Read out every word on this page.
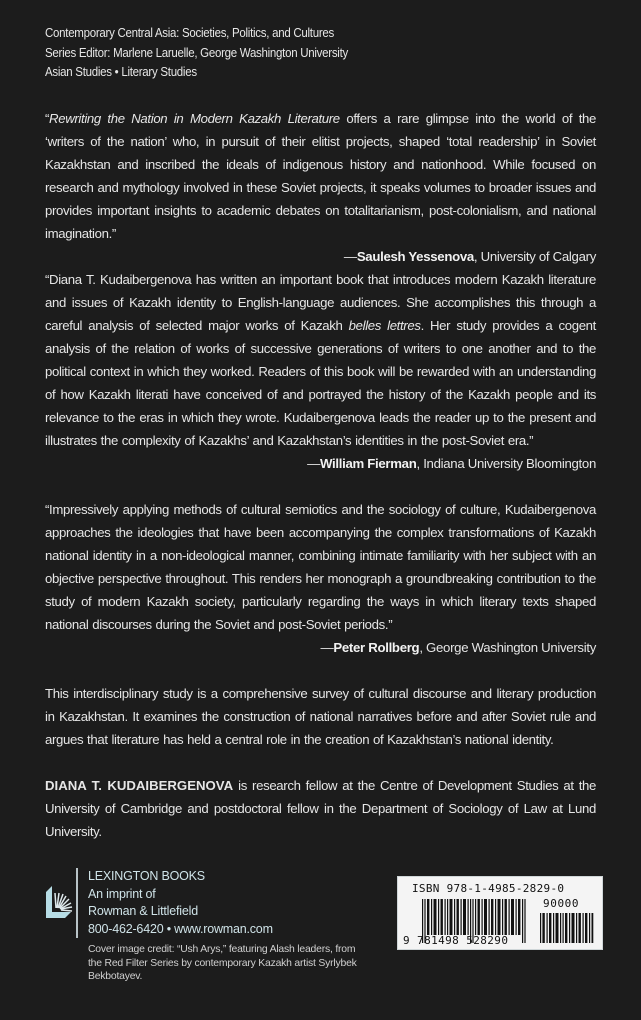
Contemporary Central Asia: Societies, Politics, and Cultures
Series Editor: Marlene Laruelle, George Washington University
Asian Studies • Literary Studies

“Rewriting the Nation in Modern Kazakh Literature offers a rare glimpse into the world of the ‘writers of the nation’ who, in pursuit of their elitist projects, shaped ‘total readership’ in Soviet Kazakhstan and inscribed the ideals of indigenous history and nationhood. While focused on research and mythology involved in these Soviet projects, it speaks volumes to broader issues and provides important insights to academic debates on totalitarianism, post-colonialism, and national imagination.”

—Saulesh Yessenova, University of Calgary

“Diana T. Kudaibergenova has written an important book that introduces modern Kazakh literature and issues of Kazakh identity to English-language audiences. She accomplishes this through a careful analysis of selected major works of Kazakh belles lettres. Her study provides a cogent analysis of the relation of works of successive generations of writers to one another and to the political context in which they worked. Readers of this book will be rewarded with an understanding of how Kazakh literati have conceived of and portrayed the history of the Kazakh people and its relevance to the eras in which they wrote. Kudaibergenova leads the reader up to the present and illustrates the complexity of Kazakhs’ and Kazakhstan’s identities in the post-Soviet era.”

—William Fierman, Indiana University Bloomington

“Impressively applying methods of cultural semiotics and the sociology of culture, Kudaibergenova approaches the ideologies that have been accompanying the complex transformations of Kazakh national identity in a non-ideological manner, combining intimate familiarity with her subject with an objective perspective throughout. This renders her monograph a groundbreaking contribution to the study of modern Kazakh society, particularly regarding the ways in which literary texts shaped national discourses during the Soviet and post-Soviet periods.”

—Peter Rollberg, George Washington University

This interdisciplinary study is a comprehensive survey of cultural discourse and literary production in Kazakhstan. It examines the construction of national narratives before and after Soviet rule and argues that literature has held a central role in the creation of Kazakhstan’s national identity.

DIANA T. KUDAIBERGENOVA is research fellow at the Centre of Development Studies at the University of Cambridge and postdoctoral fellow in the Department of Sociology of Law at Lund University.

LEXINGTON BOOKS
An imprint of
Rowman & Littlefield
800-462-6420 • www.rowman.com
Cover image credit: “Ush Arys,” featuring Alash leaders, from the Red Filter Series by contemporary Kazakh artist Syrlybek Bekbotayev.
ISBN 978-1-4985-2829-0
90000
9 781498 528290
